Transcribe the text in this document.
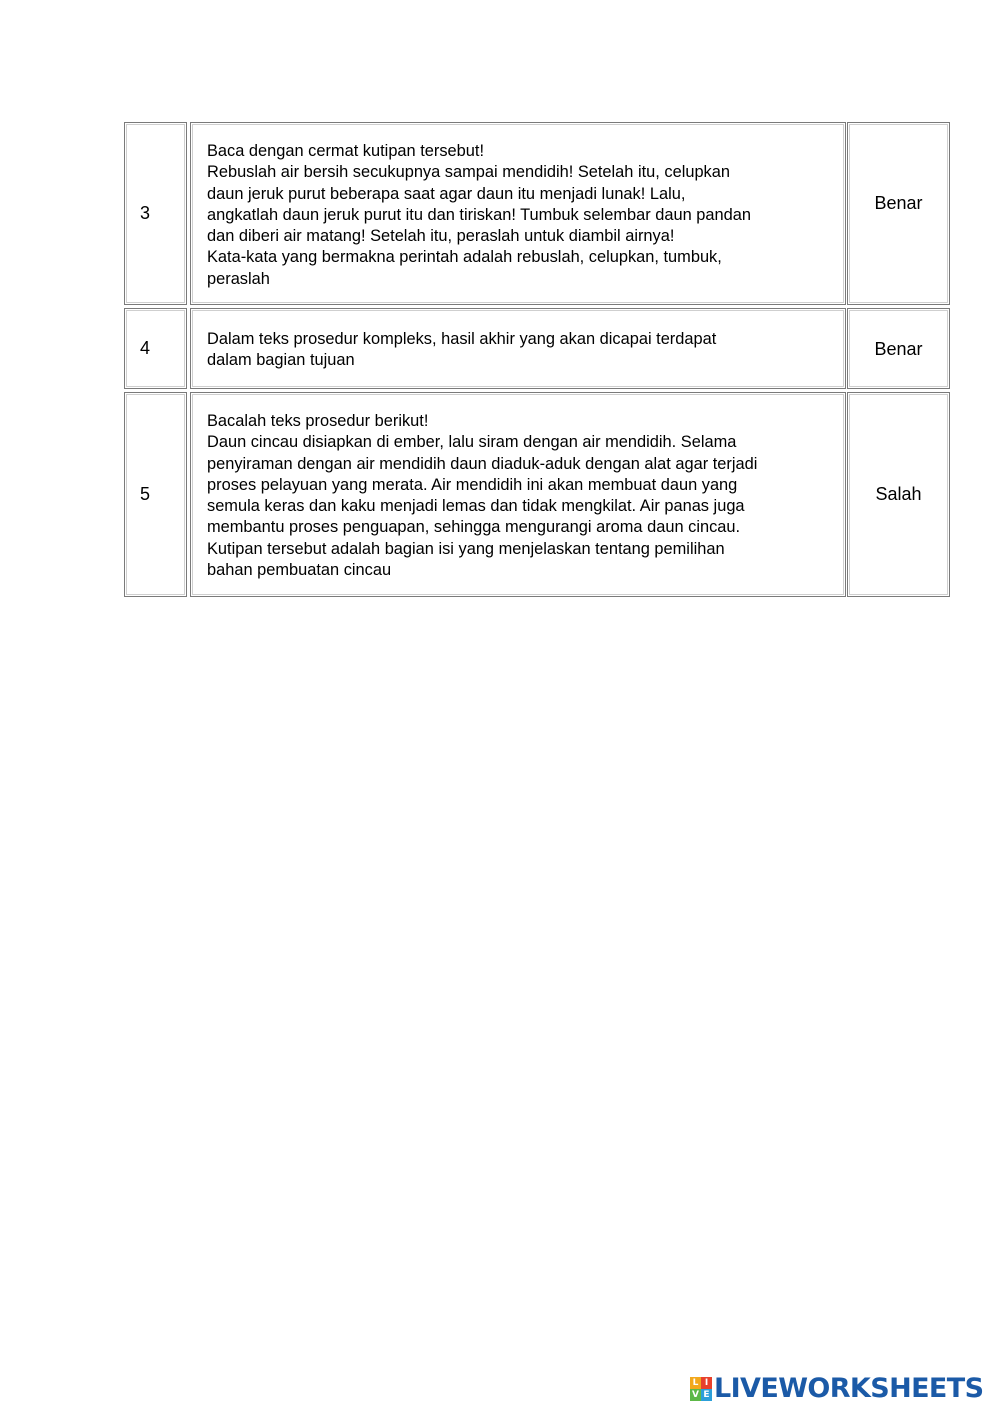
3

Baca dengan cermat kutipan tersebut!

Rebuslah air bersih secukupnya sampai mendidih! Setelah itu, celupkan

daun jeruk purut beberapa saat agar daun itu menjadi lunak! Lalu,

angkatlah daun jeruk purut itu dan tiriskan! Tumbuk selembar daun pandan

dan diberi air matang! Setelah itu, peraslah untuk diambil airnya!

Kata-kata yang bermakna perintah adalah rebuslah, celupkan, tumbuk,

peraslah

Benar
4	Dalam teks prosedur kompleks, hasil akhir yang akan dicapai terdapat

dalam bagian tujuan

Benar
5

Bacalah teks prosedur berikut!

Daun cincau disiapkan di ember, lalu siram dengan air mendidih. Selama

penyiraman dengan air mendidih daun diaduk-aduk dengan alat agar terjadi

proses pelayuan yang merata. Air mendidih ini akan membuat daun yang

semula keras dan kaku menjadi lemas dan tidak mengkilat. Air panas juga

membantu proses penguapan, sehingga mengurangi aroma daun cincau.

Kutipan tersebut adalah bagian isi yang menjelaskan tentang pemilihan

bahan pembuatan cincau

Salah
L I
V E LIVEWORKSHEETS
